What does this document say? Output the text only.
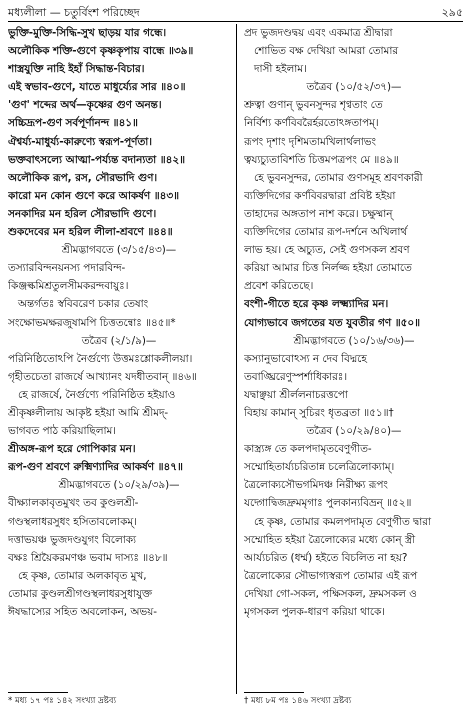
মধ্যলীলা — চতুর্বিংশ পরিচ্ছেদ	২৯৫
ভুক্তি-মুক্তি-সিদ্ধি-সুখ ছাড়য় যার গন্ধে।
অলৌকিক শক্তি-গুণে কৃষ্ণকৃপায় বান্ধে ॥৩৯॥
শাস্ত্রযুক্তি নাহি ইহাঁ সিদ্ধান্ত-বিচার।
এই স্বভাব-গুণে, যাতে মাধুর্য্যের সার ॥৪০॥
'গুণ' শব্দের অর্থ—কৃষ্ণের গুণ অনন্ত।
সচ্চিদ্রূপ-গুণ সর্বপূর্ণানন্দ ॥৪১॥
ঐশ্বর্য্য-মাধুর্য্য-কারুণ্যে স্বরূপ-পূর্ণতা।
ভক্তবাৎসল্যে আত্মা-পর্য্যন্ত বদান্যতা ॥৪২॥
অলৌকিক রূপ, রস, সৌরভাদি গুণ।
কারো মন কোন গুণে করে আকর্ষণ ॥৪৩॥
সনকাদির মন হরিল সৌরভাদি গুণে।
শুকদেবের মন হরিল লীলা-শ্রবণে ॥৪৪॥
শ্রীমদ্ভাগবতে (৩/১৫/৪৩)—
তস্যারবিন্দনয়নস্য পদারবিন্দ-
কিঞ্জল্কমিশ্রতুলসীমকরন্দবায়ুঃ।
অন্তর্গতঃ স্ববিবরেণ চকার তেষাং
সংক্ষোভমক্ষরজুষামপি চিত্ততন্বোঃ ॥৪৫॥*
তত্রৈব (২/১/৯)—
পরিনিষ্ঠিতোঽপি নৈর্গুণ্যে উত্তমঃশ্লোকলীলয়া।
গৃহীতচেতা রাজর্ষে আখ্যানং যদধীতবান্ ॥৪৬॥
হে রাজর্ষে, নৈর্গুণ্যে পরিনিষ্ঠিত হইয়াও
শ্রীকৃষ্ণলীলায় আকৃষ্ট হইয়া আমি শ্রীমদ্-
ভাগবত পাঠ করিয়াছিলাম।
শ্রীঅঙ্গ-রূপ হরে গোপিকার মন।
রূপ-গুণ শ্রবণে রুক্মিণ্যাদির আকর্ষণ ॥৪৭॥
শ্রীমদ্ভাগবতে (১০/২৯/৩৯)—
বীক্ষ্যালকাবৃতমুখং তব কুণ্ডলশ্রী-
গণ্ডস্থলাধরসুধং হসিতাবলোকম্।
দত্তাভয়ঞ্চ ভুজদণ্ডযুগং বিলোক্য
বক্ষঃ শ্রিয়ৈকরমণঞ্চ ভবাম দাস্যঃ ॥৪৮॥
হে কৃষ্ণ, তোমার অলকাবৃত মুখ,
তোমার কুণ্ডলশ্রীগণ্ডস্থলাধরসুধাযুক্ত
ঈষদ্ধাস্যের সহিত অবলোকন, অভয়-
প্রদ ভুজদণ্ডদ্বয় এবং একমাত্র শ্রীদ্বারা
শোভিত বক্ষ দেখিয়া আমরা তোমার
দাসী হইলাম।
তত্রৈব (১০/৫২/৩৭)—
শ্রুত্বা গুণান্ ভুবনসুন্দর শৃণ্বতাং তে
নির্বিশ্য কর্ণবিবরৈর্হরতোঽঙ্গতাপম্।
রূপং দৃশাং দৃশিমতামখিলার্থলাভং
ত্বয্যচ্যুতাবিশতি চিত্তমপত্রপং মে ॥৪৯॥
হে ভুবনসুন্দর, তোমার গুণসমূহ শ্রবণকারী
ব্যক্তিদিগের কর্ণবিবরদ্বারা প্রবিষ্ট হইয়া
তাহাদের অঙ্গতাপ নাশ করে। চক্ষুষ্মান্
ব্যক্তিদিগের তোমার রূপ-দর্শনে অখিলার্থ
লাভ হয়। হে অচ্যুত, সেই গুণসকল শ্রবণ
করিয়া আমার চিত্ত নির্লজ্জ হইয়া তোমাতে
প্রবেশ করিতেছে।
বংশী-গীতে হরে কৃষ্ণ লক্ষ্ম্যাদির মন।
যোগ্যভাবে জগতের যত যুবতীর গণ ॥৫০॥
শ্রীমদ্ভাগবতে (১০/১৬/৩৬)—
কস্যানুভাবোঽস্য ন দেব বিদ্মহে
তবাঙ্ঘ্রিরেণুস্পর্শাধিকারঃ।
যদ্বাঞ্ছয়া শ্রীর্ললনাচরত্তপো
বিহায় কামান্ সুচিরং ধৃতব্রতা ॥৫১॥†
তত্রৈব (১০/২৯/৪০)—
কাস্ত্র্যঙ্গ তে কলপদামৃতবেণুগীত-
সম্মোহিতার্য্যচরিতান্ন চলেত্রিলোক্যাম্।
ত্রৈলোক্যসৌভগমিদঞ্চ নিরীক্ষ্য রূপং
যদ্গোদ্বিজদ্রুমমৃগাঃ পুলকান্যবিভ্রন্ ॥৫২॥
হে কৃষ্ণ, তোমার কমলপদামৃত বেণুগীত দ্বারা
সম্মোহিত হইয়া ত্রৈলোক্যের মধ্যে কোন্ স্ত্রী
আর্য্যচরিত (ধর্ম্ম) হইতে বিচলিত না হয়?
ত্রৈলোক্যের সৌভাগ্যস্বরূপ তোমার এই রূপ
দেখিয়া গো-সকল, পক্ষিসকল, দ্রুমসকল ও
মৃগসকল পুলক-ধারণ করিয়া থাকে।
* মধ্য ১৭ পঃ ১৪২ সংখ্যা দ্রষ্টব্য	† মধ্য ৮ম পঃ ১৪৬ সংখ্যা দ্রষ্টব্য
